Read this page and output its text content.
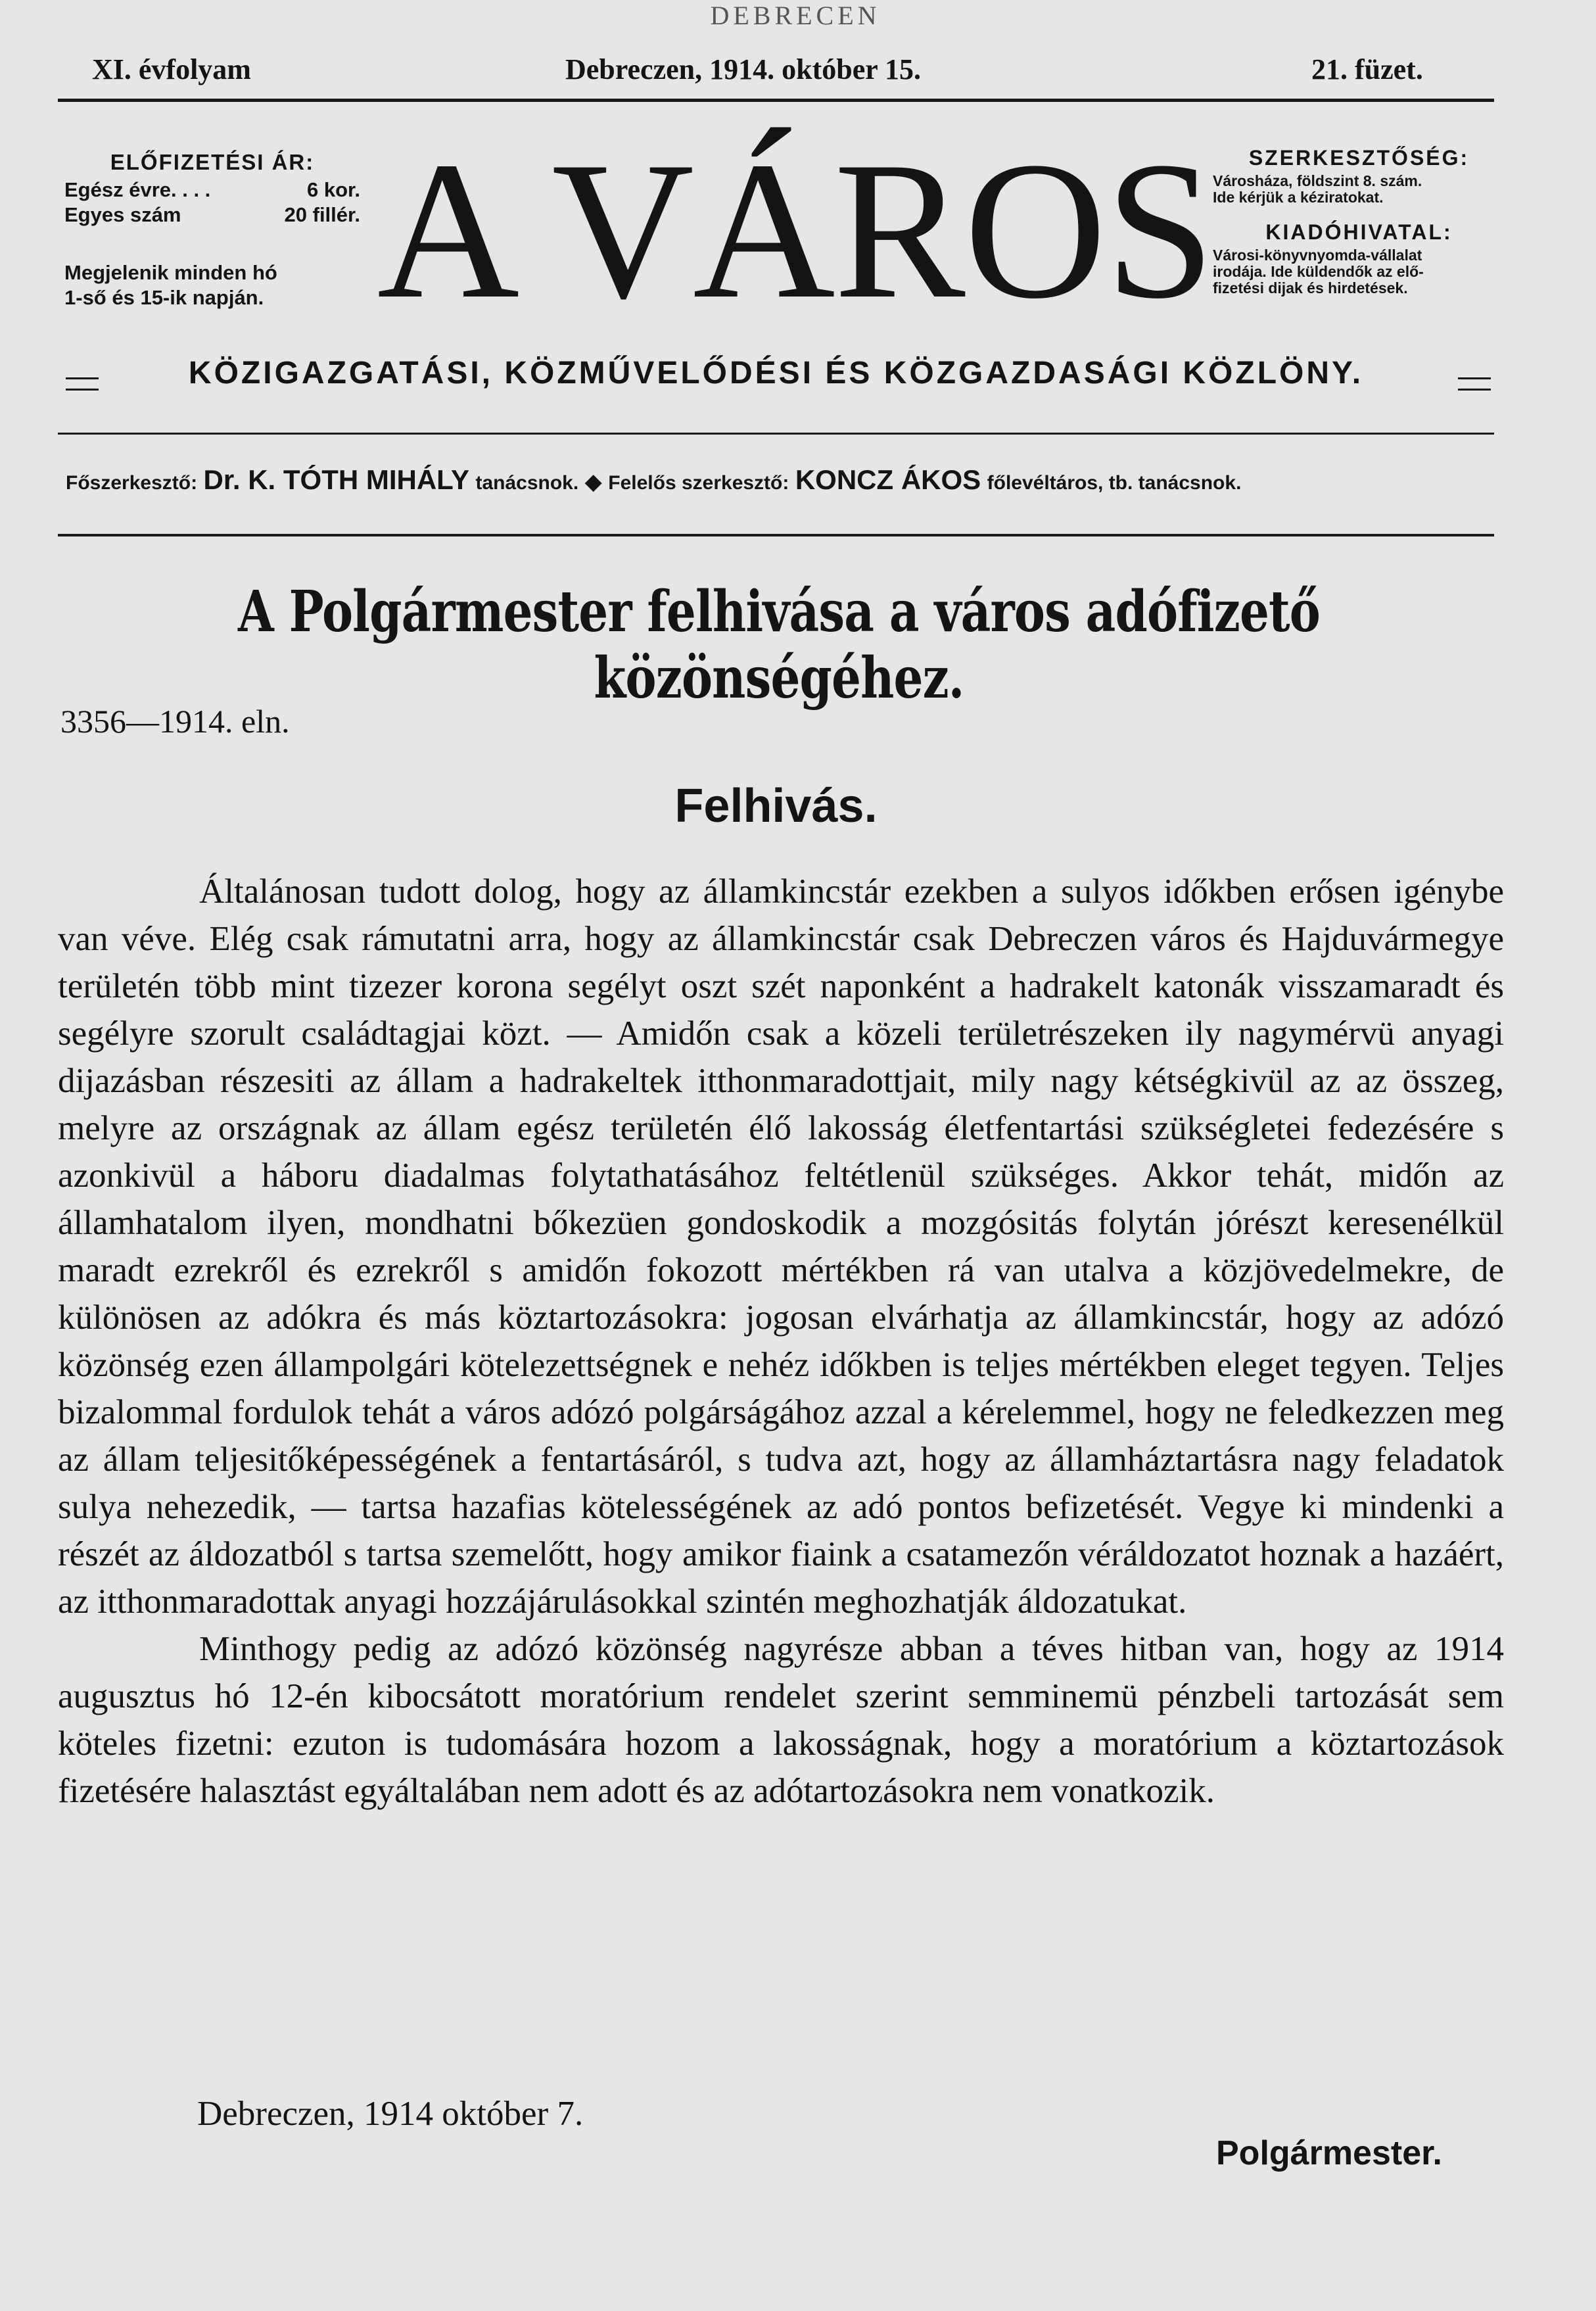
DEBRECEN
XI. évfolyam	Debreczen, 1914. október 15.	21. füzet.
ELŐFIZETÉSI ÁR:
Egész évre. . . .	6 kor.
Egyes szám	20 fillér.
Megjelenik minden hó
1-ső és 15-ik napján. A VÁROS	SZERKESZTŐSÉG:
Városháza, földszint 8. szám.
Ide kérjük a kéziratokat.
KIADÓHIVATAL:
Városi-könyvnyomda-vállalat
irodája. Ide küldendők az elő-
fizetési dijak és hirdetések.
KÖZIGAZGATÁSI, KÖZMŰVELŐDÉSI ÉS KÖZGAZDASÁGI KÖZLÖNY.
Főszerkesztő: Dr. K. TÓTH MIHÁLY tanácsnok. ◆ Felelős szerkesztő: KONCZ ÁKOS főlevéltáros, tb. tanácsnok.
A Polgármester felhivása a város adófizető közönségéhez.
3356—1914. eln.
Felhivás.

Általánosan tudott dolog, hogy az államkincstár ezekben a sulyos időkben erősen igénybe van véve. Elég csak rámutatni arra, hogy az államkincstár csak Debreczen város és Hajduvármegye területén több mint tizezer korona segélyt oszt szét naponként a hadrakelt katonák visszamaradt és segélyre szorult családtagjai közt. — Amidőn csak a közeli területrészeken ily nagymérvü anyagi dijazásban részesiti az állam a hadrakeltek itthonmaradottjait, mily nagy kétségkivül az az összeg, melyre az országnak az állam egész területén élő lakosság életfentartási szükségletei fedezésére s azonkivül a háboru diadalmas folytathatásához feltétlenül szükséges. Akkor tehát, midőn az államhatalom ilyen, mondhatni bőkezüen gondoskodik a mozgósitás folytán jórészt keresenélkül maradt ezrekről és ezrekről s amidőn fokozott mértékben rá van utalva a közjövedelmekre, de különösen az adókra és más köztartozásokra: jogosan elvárhatja az államkincstár, hogy az adózó közönség ezen állampolgári kötelezettségnek e nehéz időkben is teljes mértékben eleget tegyen. Teljes bizalommal fordulok tehát a város adózó polgárságához azzal a kérelemmel, hogy ne feledkezzen meg az állam teljesitőképességének a fentartásáról, s tudva azt, hogy az államháztartásra nagy feladatok sulya nehezedik, — tartsa hazafias kötelességének az adó pontos befizetését. Vegye ki mindenki a részét az áldozatból s tartsa szemelőtt, hogy amikor fiaink a csatamezőn véráldozatot hoznak a hazáért, az itthonmaradottak anyagi hozzájárulásokkal szintén meghozhatják áldozatukat.

Minthogy pedig az adózó közönség nagyrésze abban a téves hitban van, hogy az 1914 augusztus hó 12-én kibocsátott moratórium rendelet szerint semminemü pénzbeli tartozását sem köteles fizetni: ezuton is tudomására hozom a lakosságnak, hogy a moratórium a köztartozások fizetésére halasztást egyáltalában nem adott és az adótartozásokra nem vonatkozik.

Debreczen, 1914 október 7.
Polgármester.
